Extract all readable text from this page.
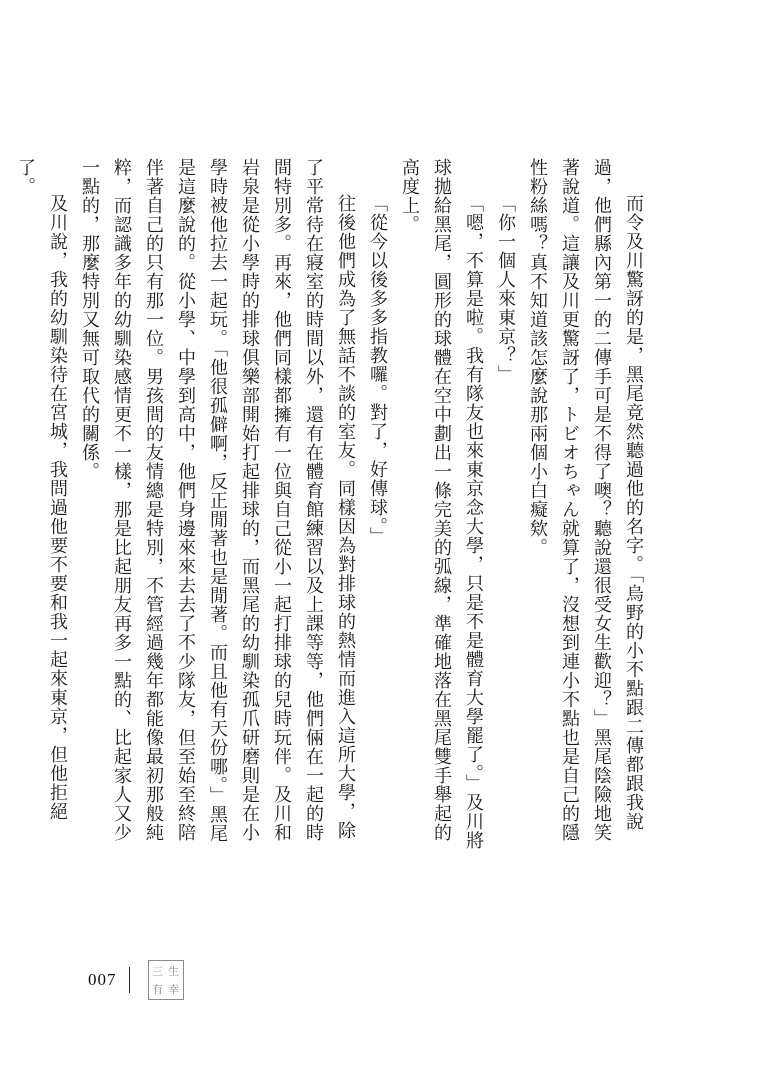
而令及川驚訝的是，黑尾竟然聽過他的名字。「烏野的小不點跟二傳都跟我說過，他們縣內第一的二傳手可是不得了噢？聽說還很受女生歡迎？」黑尾陰險地笑著說道。這讓及川更驚訝了，トビオちゃん就算了，沒想到連小不點也是自己的隱性粉絲嗎？真不知道該怎麼說那兩個小白癡欸。

「你一個人來東京？」

「嗯，不算是啦。我有隊友也來東京念大學，只是不是體育大學罷了。」及川將球拋給黑尾，圓形的球體在空中劃出一條完美的弧線，準確地落在黑尾雙手舉起的高度上。

「從今以後多多指教囉。對了，好傳球。」

往後他們成為了無話不談的室友。同樣因為對排球的熱情而進入這所大學，除了平常待在寢室的時間以外，還有在體育館練習以及上課等等，他們倆在一起的時間特別多。再來，他們同樣都擁有一位與自己從小一起打排球的兒時玩伴。及川和岩泉是從小學時的排球俱樂部開始打起排球的，而黑尾的幼馴染孤爪研磨則是在小學時被他拉去一起玩。「他很孤僻啊，反正閒著也是閒著。而且他有天份哪。」黑尾是這麼說的。從小學、中學到高中，他們身邊來來去去了不少隊友，但至始至終陪伴著自己的只有那一位。男孩間的友情總是特別，不管經過幾年都能像最初那般純粹，而認識多年的幼馴染感情更不一樣，那是比起朋友再多一點的、比起家人又少一點的，那麼特別又無可取代的關係。

及川說，我的幼馴染待在宮城，我問過他要不要和我一起來東京，但他拒絕了。

007	三 生
有 幸
